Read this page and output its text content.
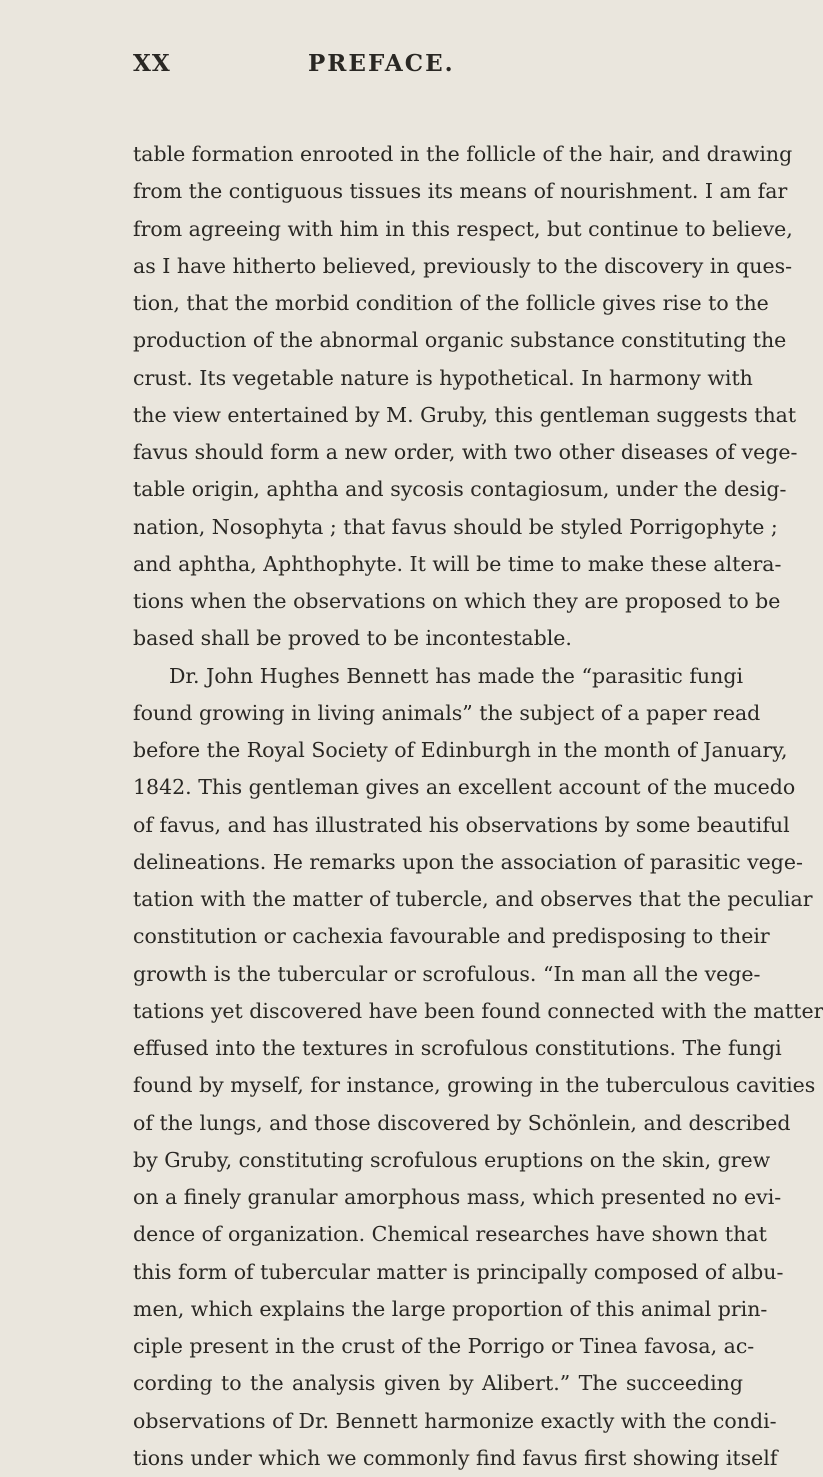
XX	PREFACE.
table formation enrooted in the follicle of the hair, and drawing
from the contiguous tissues its means of nourishment. I am far
from agreeing with him in this respect, but continue to believe,
as I have hitherto believed, previously to the discovery in ques-
tion, that the morbid condition of the follicle gives rise to the
production of the abnormal organic substance constituting the
crust. Its vegetable nature is hypothetical. In harmony with
the view entertained by M. Gruby, this gentleman suggests that
favus should form a new order, with two other diseases of vege-
table origin, aphtha and sycosis contagiosum, under the desig-
nation, Nosophyta ; that favus should be styled Porrigophyte ;
and aphtha, Aphthophyte. It will be time to make these altera-
tions when the observations on which they are proposed to be
based shall be proved to be incontestable.
Dr. John Hughes Bennett has made the “parasitic fungi
found growing in living animals” the subject of a paper read
before the Royal Society of Edinburgh in the month of January,
1842. This gentleman gives an excellent account of the mucedo
of favus, and has illustrated his observations by some beautiful
delineations. He remarks upon the association of parasitic vege-
tation with the matter of tubercle, and observes that the peculiar
constitution or cachexia favourable and predisposing to their
growth is the tubercular or scrofulous. “In man all the vege-
tations yet discovered have been found connected with the matter
effused into the textures in scrofulous constitutions. The fungi
found by myself, for instance, growing in the tuberculous cavities
of the lungs, and those discovered by Schönlein, and described
by Gruby, constituting scrofulous eruptions on the skin, grew
on a finely granular amorphous mass, which presented no evi-
dence of organization. Chemical researches have shown that
this form of tubercular matter is principally composed of albu-
men, which explains the large proportion of this animal prin-
ciple present in the crust of the Porrigo or Tinea favosa, ac-
cording to the analysis given by Alibert.” The succeeding
observations of Dr. Bennett harmonize exactly with the condi-
tions under which we commonly find favus first showing itself
